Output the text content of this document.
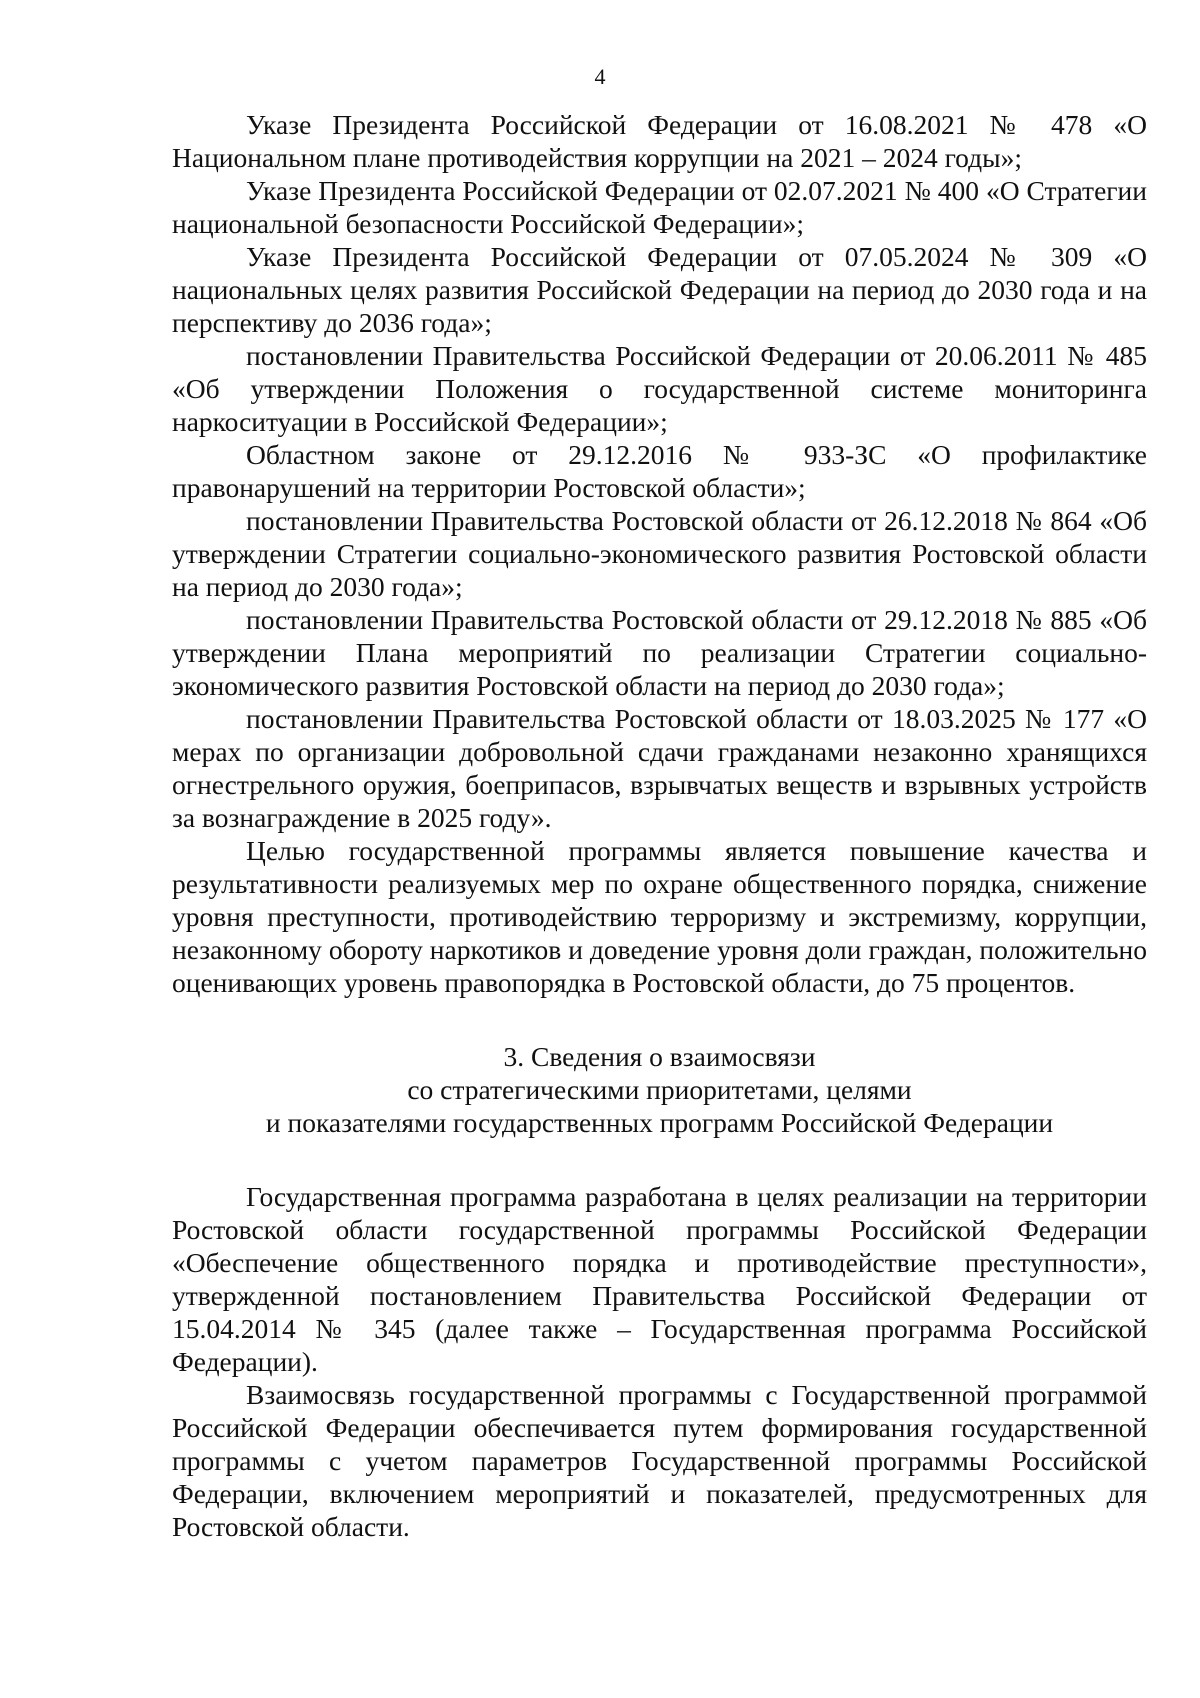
4

Указе Президента Российской Федерации от 16.08.2021 № 478 «О Национальном плане противодействия коррупции на 2021 – 2024 годы»;

Указе Президента Российской Федерации от 02.07.2021 № 400 «О Стратегии национальной безопасности Российской Федерации»;

Указе Президента Российской Федерации от 07.05.2024 № 309 «О национальных целях развития Российской Федерации на период до 2030 года и на перспективу до 2036 года»;

постановлении Правительства Российской Федерации от 20.06.2011 № 485 «Об утверждении Положения о государственной системе мониторинга наркоситуации в Российской Федерации»;

Областном законе от 29.12.2016 № 933-ЗС «О профилактике правонарушений на территории Ростовской области»;

постановлении Правительства Ростовской области от 26.12.2018 № 864 «Об утверждении Стратегии социально-экономического развития Ростовской области на период до 2030 года»;

постановлении Правительства Ростовской области от 29.12.2018 № 885 «Об утверждении Плана мероприятий по реализации Стратегии социально-экономического развития Ростовской области на период до 2030 года»;

постановлении Правительства Ростовской области от 18.03.2025 № 177 «О мерах по организации добровольной сдачи гражданами незаконно хранящихся огнестрельного оружия, боеприпасов, взрывчатых веществ и взрывных устройств за вознаграждение в 2025 году».

Целью государственной программы является повышение качества и результативности реализуемых мер по охране общественного порядка, снижение уровня преступности, противодействию терроризму и экстремизму, коррупции, незаконному обороту наркотиков и доведение уровня доли граждан, положительно оценивающих уровень правопорядка в Ростовской области, до 75 процентов.

3. Сведения о взаимосвязи
со стратегическими приоритетами, целями
и показателями государственных программ Российской Федерации

Государственная программа разработана в целях реализации на территории Ростовской области государственной программы Российской Федерации «Обеспечение общественного порядка и противодействие преступности», утвержденной постановлением Правительства Российской Федерации от 15.04.2014 № 345 (далее также – Государственная программа Российской Федерации).

Взаимосвязь государственной программы с Государственной программой Российской Федерации обеспечивается путем формирования государственной программы с учетом параметров Государственной программы Российской Федерации, включением мероприятий и показателей, предусмотренных для Ростовской области.
